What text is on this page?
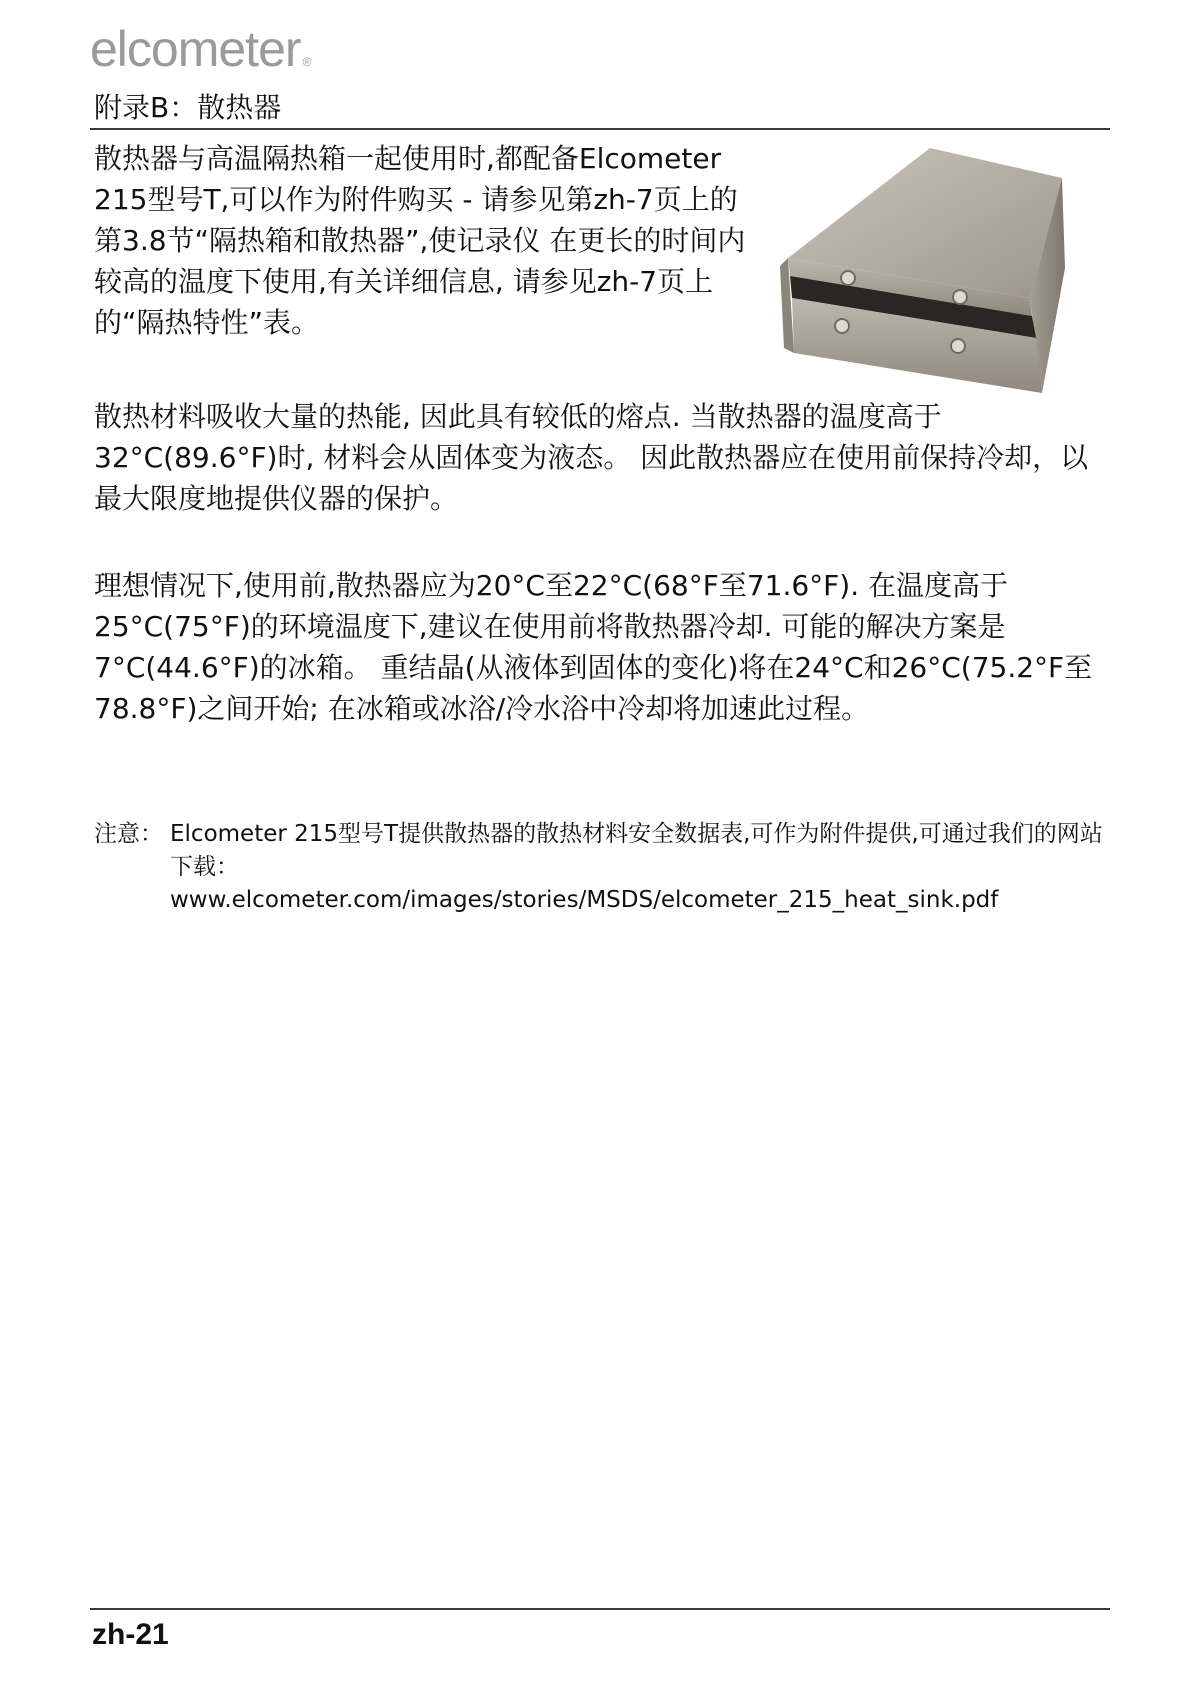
elcometer ®
附录B：散热器

散热器与高温隔热箱一起使用时,都配备Elcometer 215型号T,可以作为附件购买 - 请参见第zh-7页上的第3.8节“隔热箱和散热器”,使记录仪 在更长的时间内较高的温度下使用,有关详细信息, 请参见zh-7页上的“隔热特性”表。

散热材料吸收大量的热能, 因此具有较低的熔点. 当散热器的温度高于32°C(89.6°F)时, 材料会从固体变为液态。 因此散热器应在使用前保持冷却，以最大限度地提供仪器的保护。

理想情况下,使用前,散热器应为20°C至22°C(68°F至71.6°F). 在温度高于25°C(75°F)的环境温度下,建议在使用前将散热器冷却. 可能的解决方案是7°C(44.6°F)的冰箱。 重结晶(从液体到固体的变化)将在24°C和26°C(75.2°F至78.8°F)之间开始; 在冰箱或冰浴/冷水浴中冷却将加速此过程。

注意： Elcometer 215型号T提供散热器的散热材料安全数据表,可作为附件提供,可通过我们的网站下载：
www.elcometer.com/images/stories/MSDS/elcometer_215_heat_sink.pdf
zh-21
